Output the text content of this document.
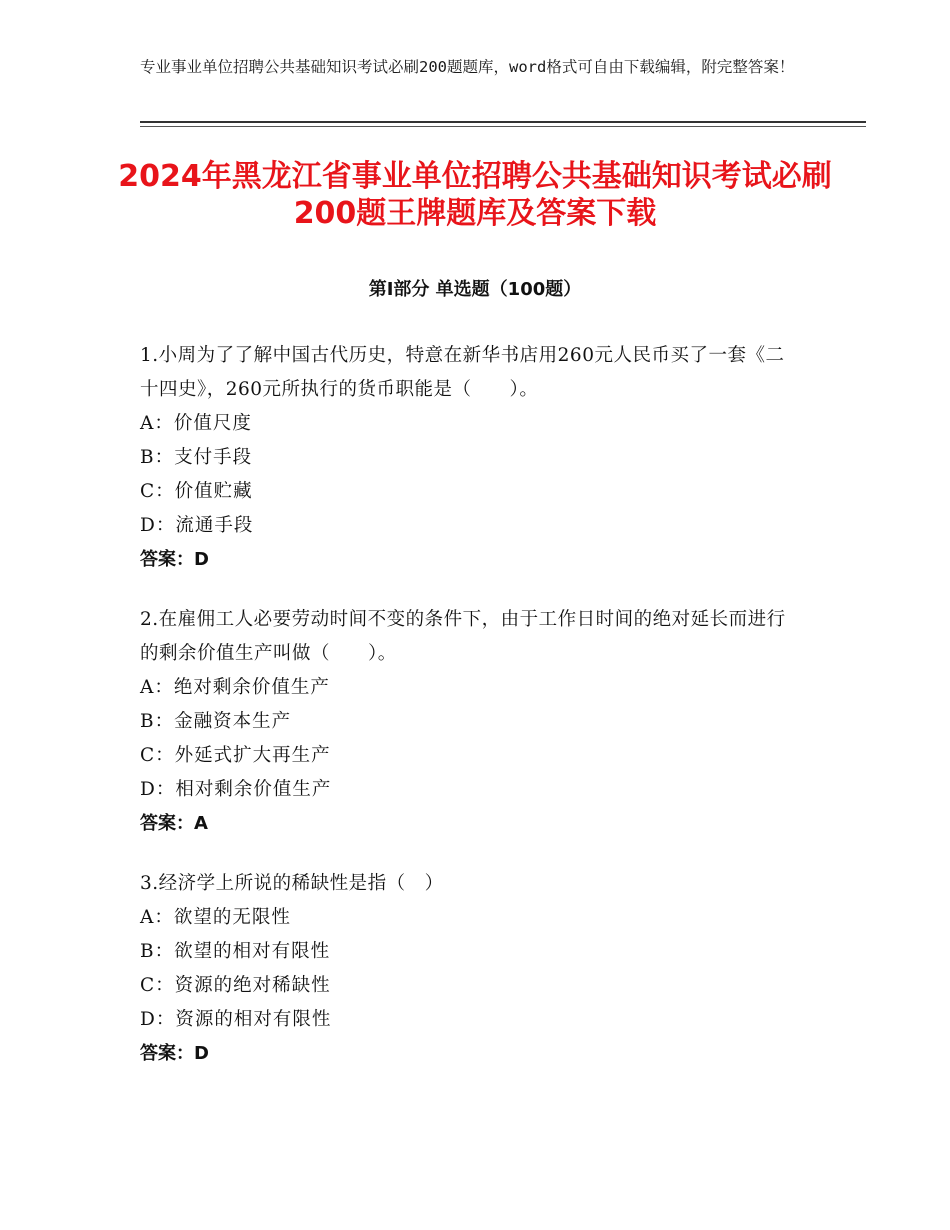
专业事业单位招聘公共基础知识考试必刷200题题库，word格式可自由下载编辑，附完整答案！
2024年黑龙江省事业单位招聘公共基础知识考试必刷200题王牌题库及答案下载
第Ⅰ部分 单选题（100题）

1.小周为了了解中国古代历史，特意在新华书店用260元人民币买了一套《二十四史》，260元所执行的货币职能是（　　）。

A：价值尺度

B：支付手段

C：价值贮藏

D：流通手段

答案：D

2.在雇佣工人必要劳动时间不变的条件下，由于工作日时间的绝对延长而进行的剩余价值生产叫做（　　）。

A：绝对剩余价值生产

B：金融资本生产

C：外延式扩大再生产

D：相对剩余价值生产

答案：A

3.经济学上所说的稀缺性是指（　）

A：欲望的无限性

B：欲望的相对有限性

C：资源的绝对稀缺性

D：资源的相对有限性

答案：D
